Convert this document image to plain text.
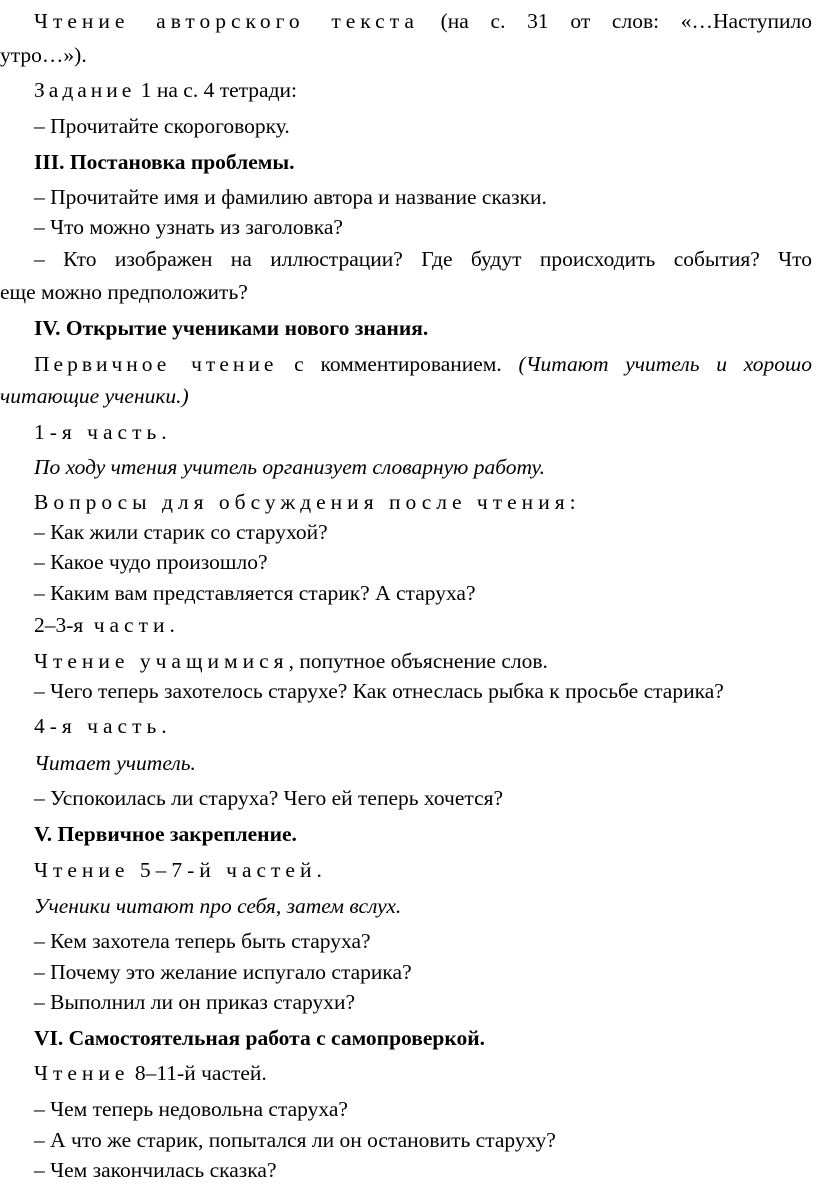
Чтение авторского текста (на с. 31 от слов: «…Наступило
утро…»).
Задание 1 на с. 4 тетради:
– Прочитайте скороговорку.
III. Постановка проблемы.
– Прочитайте имя и фамилию автора и название сказки.
– Что можно узнать из заголовка?
– Кто изображен на иллюстрации? Где будут происходить события? Что
еще можно предположить?
IV. Открытие учениками нового знания.
Первичное чтение с комментированием. (Читают учитель и хорошо
читающие ученики.)
1-я часть.
По ходу чтения учитель организует словарную работу.
Вопросы для обсуждения после чтения:
– Как жили старик со старухой?
– Какое чудо произошло?
– Каким вам представляется старик? А старуха?
2–3-я части.
Чтение учащимися, попутное объяснение слов.
– Чего теперь захотелось старухе? Как отнеслась рыбка к просьбе старика?
4-я часть.
Читает учитель.
– Успокоилась ли старуха? Чего ей теперь хочется?
V. Первичное закрепление.
Чтение 5–7-й частей.
Ученики читают про себя, затем вслух.
– Кем захотела теперь быть старуха?
– Почему это желание испугало старика?
– Выполнил ли он приказ старухи?
VI. Самостоятельная работа с самопроверкой.
Чтение 8–11-й частей.
– Чем теперь недовольна старуха?
– А что же старик, попытался ли он остановить старуху?
– Чем закончилась сказка?
